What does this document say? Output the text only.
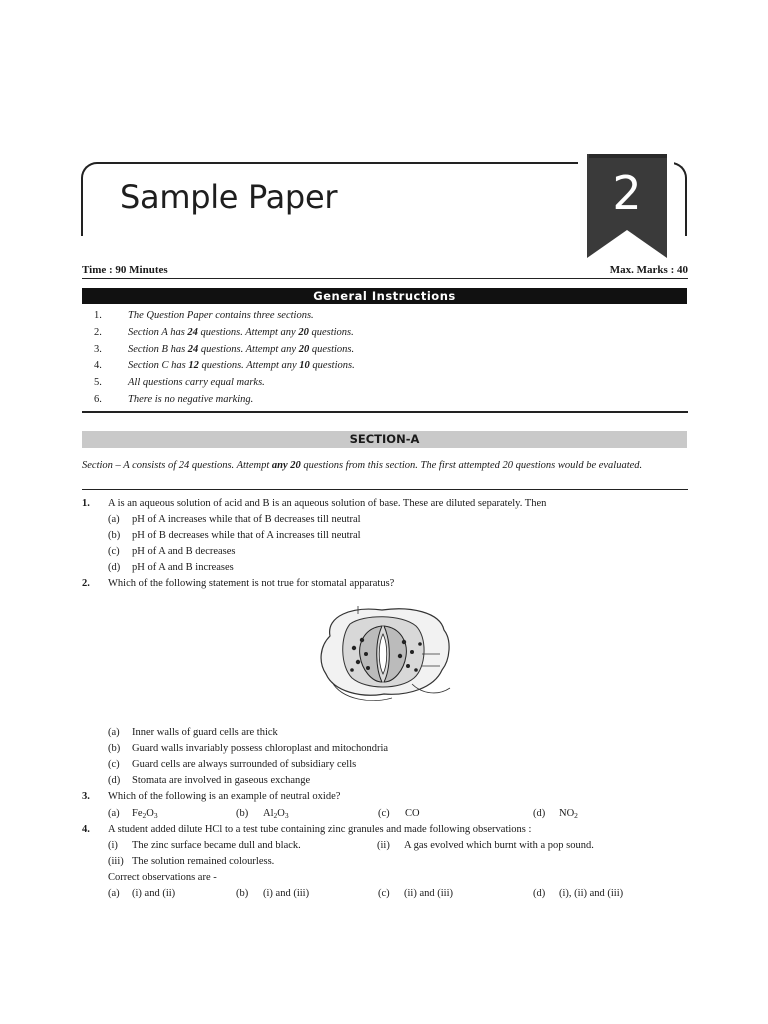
Sample Paper	2
Time : 90 Minutes	Max. Marks : 40
General Instructions
1. The Question Paper contains three sections.
2. Section A has 24 questions. Attempt any 20 questions.
3. Section B has 24 questions. Attempt any 20 questions.
4. Section C has 12 questions. Attempt any 10 questions.
5. All questions carry equal marks.
6. There is no negative marking.
SECTION-A
Section – A consists of 24 questions. Attempt any 20 questions from this section. The first attempted 20 questions would be evaluated.
1. A is an aqueous solution of acid and B is an aqueous solution of base. These are diluted separately. Then
(a) pH of A increases while that of B decreases till neutral
(b) pH of B decreases while that of A increases till neutral
(c) pH of A and B decreases
(d) pH of A and B increases
2. Which of the following statement is not true for stomatal apparatus?
(a) Inner walls of guard cells are thick
(b) Guard walls invariably possess chloroplast and mitochondria
(c) Guard cells are always surrounded of subsidiary cells
(d) Stomata are involved in gaseous exchange
3. Which of the following is an example of neutral oxide?
(a) $Fe_2O_3$	(b) $Al_2O_3$	(c) CO	(d) $NO_2$
4. A student added dilute HCl to a test tube containing zinc granules and made following observations :
(i) The zinc surface became dull and black.	(ii) A gas evolved which burnt with a pop sound.
(iii) The solution remained colourless.
Correct observations are -
(a) (i) and (ii)	(b) (i) and (iii)	(c) (ii) and (iii)	(d) (i), (ii) and (iii)
